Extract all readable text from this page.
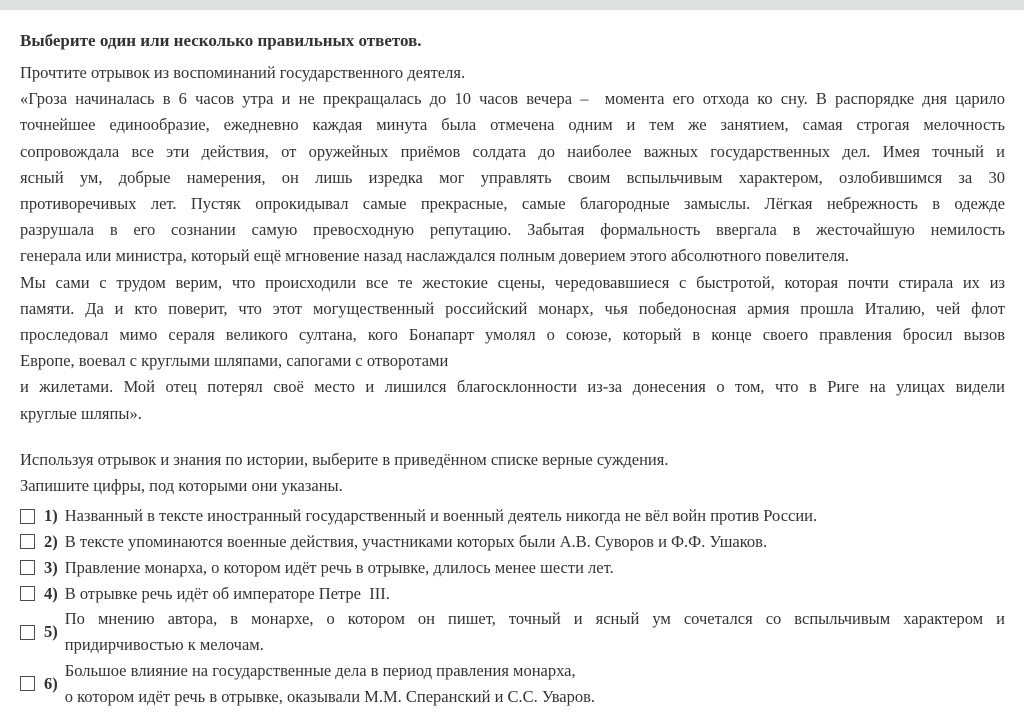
Выберите один или несколько правильных ответов.
Прочтите отрывок из воспоминаний государственного деятеля.
«Гроза начиналась в 6 часов утра и не прекращалась до 10 часов вечера –  момента его отхода ко сну. В распорядке дня царило
точнейшее единообразие, ежедневно каждая минута была отмечена одним и тем же занятием, самая строгая мелочность
сопровождала все эти действия, от оружейных приёмов солдата до наиболее важных государственных дел. Имея точный и
ясный ум, добрые намерения, он лишь изредка мог управлять своим вспыльчивым характером, озлобившимся за 30
противоречивых лет. Пустяк опрокидывал самые прекрасные, самые благородные замыслы. Лёгкая небрежность в одежде
разрушала в его сознании самую превосходную репутацию. Забытая формальность ввергала в жесточайшую немилость
генерала или министра, который ещё мгновение назад наслаждался полным доверием этого абсолютного повелителя.
Мы сами с трудом верим, что происходили все те жестокие сцены, чередовавшиеся с быстротой, которая почти стирала их из
памяти. Да и кто поверит, что этот могущественный российский монарх, чья победоносная армия прошла Италию, чей флот
проследовал мимо сераля великого султана, кого Бонапарт умолял о союзе, который в конце своего правления бросил вызов
Европе, воевал с круглыми шляпами, сапогами с отворотами
и жилетами. Мой отец потерял своё место и лишился благосклонности из-за донесения о том, что в Риге на улицах видели
круглые шляпы».
Используя отрывок и знания по истории, выберите в приведённом списке верные суждения.
Запишите цифры, под которыми они указаны.
1) Названный в тексте иностранный государственный и военный деятель никогда не вёл войн против России.
2) В тексте упоминаются военные действия, участниками которых были А.В. Суворов и Ф.Ф. Ушаков.
3) Правление монарха, о котором идёт речь в отрывке, длилось менее шести лет.
4) В отрывке речь идёт об императоре Петре  III.
5)
По мнению автора, в монархе, о котором он пишет, точный и ясный ум сочетался со вспыльчивым характером и
придирчивостью к мелочам.
6)
Большое влияние на государственные дела в период правления монарха,
о котором идёт речь в отрывке, оказывали М.М. Сперанский и С.С. Уваров.
